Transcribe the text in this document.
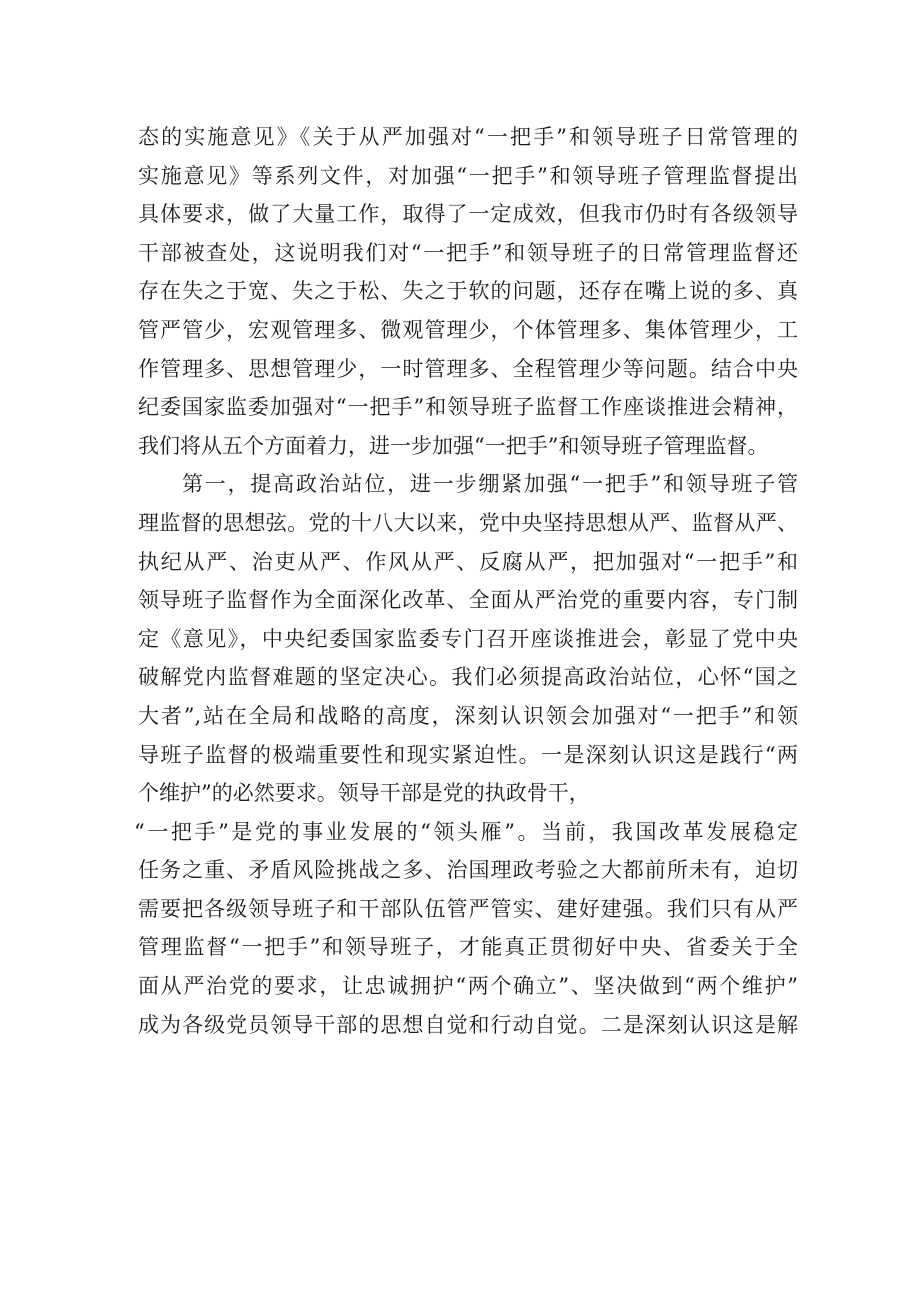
态的实施意见》《关于从严加强对“一把手”和领导班子日常管理的
实施意见》等系列文件，对加强“一把手”和领导班子管理监督提出
具体要求，做了大量工作，取得了一定成效，但我市仍时有各级领导
干部被查处，这说明我们对“一把手”和领导班子的日常管理监督还
存在失之于宽、失之于松、失之于软的问题，还存在嘴上说的多、真
管严管少，宏观管理多、微观管理少，个体管理多、集体管理少，工
作管理多、思想管理少，一时管理多、全程管理少等问题。结合中央
纪委国家监委加强对“一把手”和领导班子监督工作座谈推进会精神，
我们将从五个方面着力，进一步加强“一把手”和领导班子管理监督。
第一，提高政治站位，进一步绷紧加强“一把手”和领导班子管
理监督的思想弦。党的十八大以来，党中央坚持思想从严、监督从严、
执纪从严、治吏从严、作风从严、反腐从严，把加强对“一把手”和
领导班子监督作为全面深化改革、全面从严治党的重要内容，专门制
定《意见》，中央纪委国家监委专门召开座谈推进会，彰显了党中央
破解党内监督难题的坚定决心。我们必须提高政治站位，心怀“国之
大者”,站在全局和战略的高度，深刻认识领会加强对“一把手”和领
导班子监督的极端重要性和现实紧迫性。一是深刻认识这是践行“两
个维护”的必然要求。领导干部是党的执政骨干，
“一把手”是党的事业发展的“领头雁”。当前，我国改革发展稳定
任务之重、矛盾风险挑战之多、治国理政考验之大都前所未有，迫切
需要把各级领导班子和干部队伍管严管实、建好建强。我们只有从严
管理监督“一把手”和领导班子，才能真正贯彻好中央、省委关于全
面从严治党的要求，让忠诚拥护“两个确立”、坚决做到“两个维护”
成为各级党员领导干部的思想自觉和行动自觉。二是深刻认识这是解
